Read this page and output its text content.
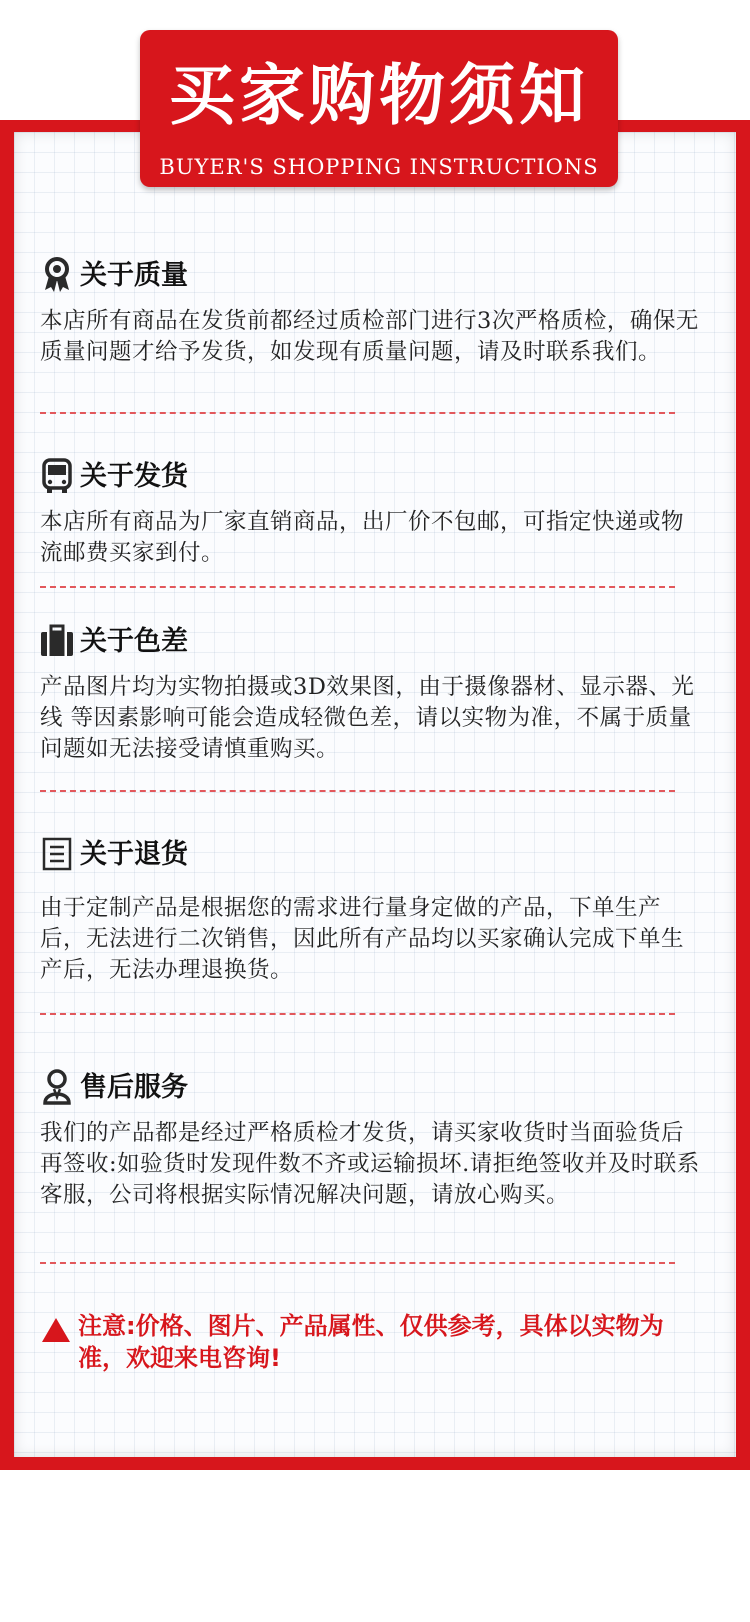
买家购物须知
BUYER'S SHOPPING INSTRUCTIONS
关于质量
本店所有商品在发货前都经过质检部门进行3次严格质检，确保无质量问题才给予发货，如发现有质量问题，请及时联系我们。
关于发货
本店所有商品为厂家直销商品，出厂价不包邮，可指定快递或物流邮费买家到付。
关于色差
产品图片均为实物拍摄或3D效果图，由于摄像器材、显示器、光线 等因素影响可能会造成轻微色差，请以实物为准，不属于质量问题如无法接受请慎重购买。
关于退货
由于定制产品是根据您的需求进行量身定做的产品，下单生产后，无法进行二次销售，因此所有产品均以买家确认完成下单生产后，无法办理退换货。
售后服务
我们的产品都是经过严格质检才发货，请买家收货时当面验货后再签收:如验货时发现件数不齐或运输损坏.请拒绝签收并及时联系客服，公司将根据实际情况解决问题，请放心购买。
注意:价格、图片、产品属性、仅供参考，具体以实物为准，欢迎来电咨询!
